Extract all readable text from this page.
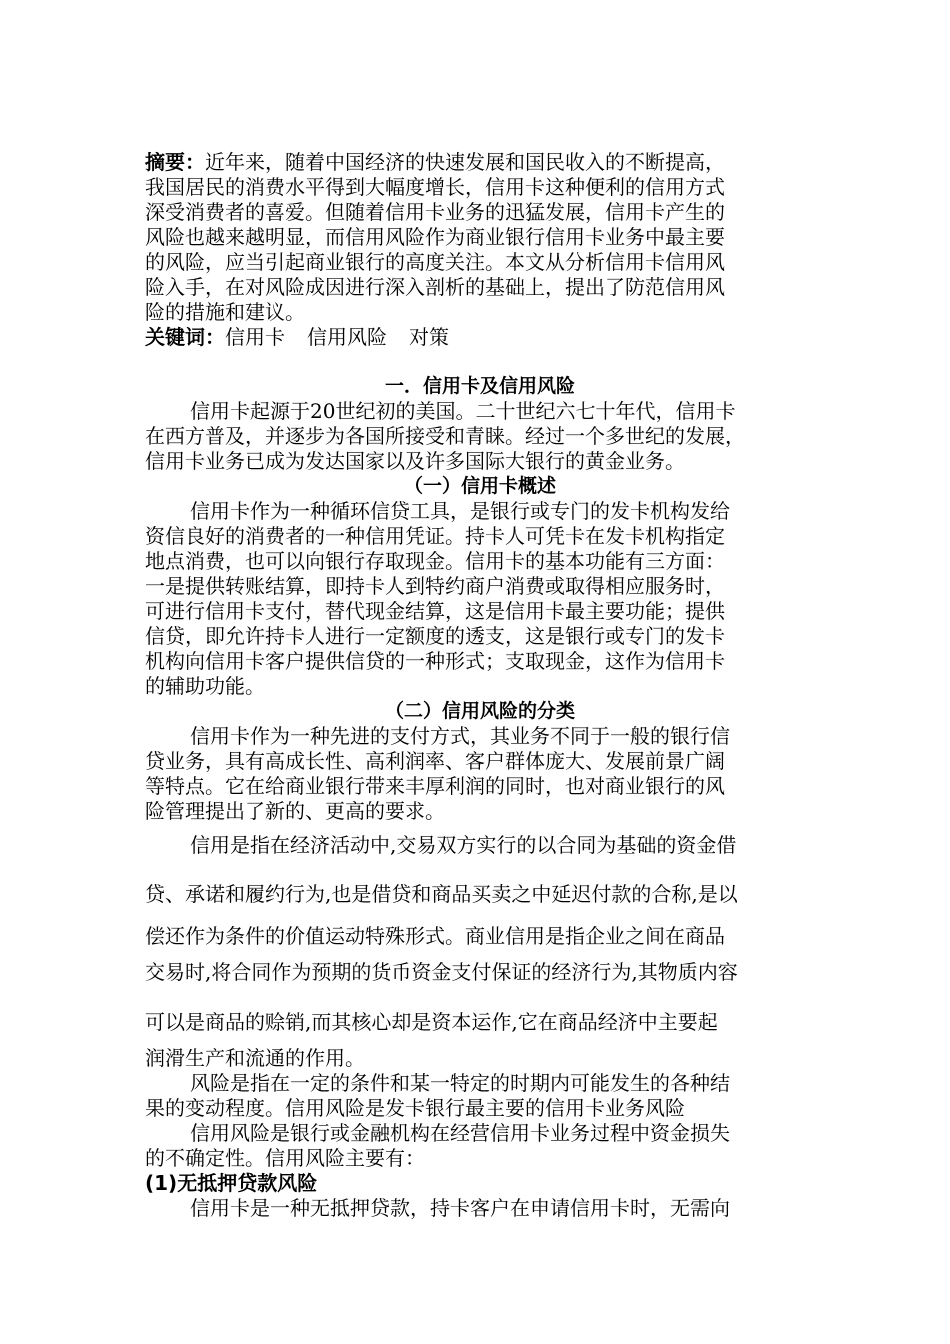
摘要：近年来，随着中国经济的快速发展和国民收入的不断提高，
我国居民的消费水平得到大幅度增长，信用卡这种便利的信用方式
深受消费者的喜爱。但随着信用卡业务的迅猛发展，信用卡产生的
风险也越来越明显，而信用风险作为商业银行信用卡业务中最主要
的风险，应当引起商业银行的高度关注。本文从分析信用卡信用风
险入手，在对风险成因进行深入剖析的基础上，提出了防范信用风
险的措施和建议。
关键词：信用卡 信用风险 对策
一．信用卡及信用风险
信用卡起源于20世纪初的美国。二十世纪六七十年代，信用卡
在西方普及，并逐步为各国所接受和青睐。经过一个多世纪的发展，
信用卡业务已成为发达国家以及许多国际大银行的黄金业务。
（一）信用卡概述
信用卡作为一种循环信贷工具，是银行或专门的发卡机构发给
资信良好的消费者的一种信用凭证。持卡人可凭卡在发卡机构指定
地点消费，也可以向银行存取现金。信用卡的基本功能有三方面：
一是提供转账结算，即持卡人到特约商户消费或取得相应服务时，
可进行信用卡支付，替代现金结算，这是信用卡最主要功能；提供
信贷，即允许持卡人进行一定额度的透支，这是银行或专门的发卡
机构向信用卡客户提供信贷的一种形式；支取现金，这作为信用卡
的辅助功能。
（二）信用风险的分类
信用卡作为一种先进的支付方式，其业务不同于一般的银行信
贷业务，具有高成长性、高利润率、客户群体庞大、发展前景广阔
等特点。它在给商业银行带来丰厚利润的同时，也对商业银行的风
险管理提出了新的、更高的要求。
信用是指在经济活动中,交易双方实行的以合同为基础的资金借
贷、承诺和履约行为,也是借贷和商品买卖之中延迟付款的合称,是以
偿还作为条件的价值运动特殊形式。商业信用是指企业之间在商品
交易时,将合同作为预期的货币资金支付保证的经济行为,其物质内容
可以是商品的赊销,而其核心却是资本运作,它在商品经济中主要起
润滑生产和流通的作用。
风险是指在一定的条件和某一特定的时期内可能发生的各种结
果的变动程度。信用风险是发卡银行最主要的信用卡业务风险
信用风险是银行或金融机构在经营信用卡业务过程中资金损失
的不确定性。信用风险主要有：
(1)无抵押贷款风险
信用卡是一种无抵押贷款，持卡客户在申请信用卡时，无需向
